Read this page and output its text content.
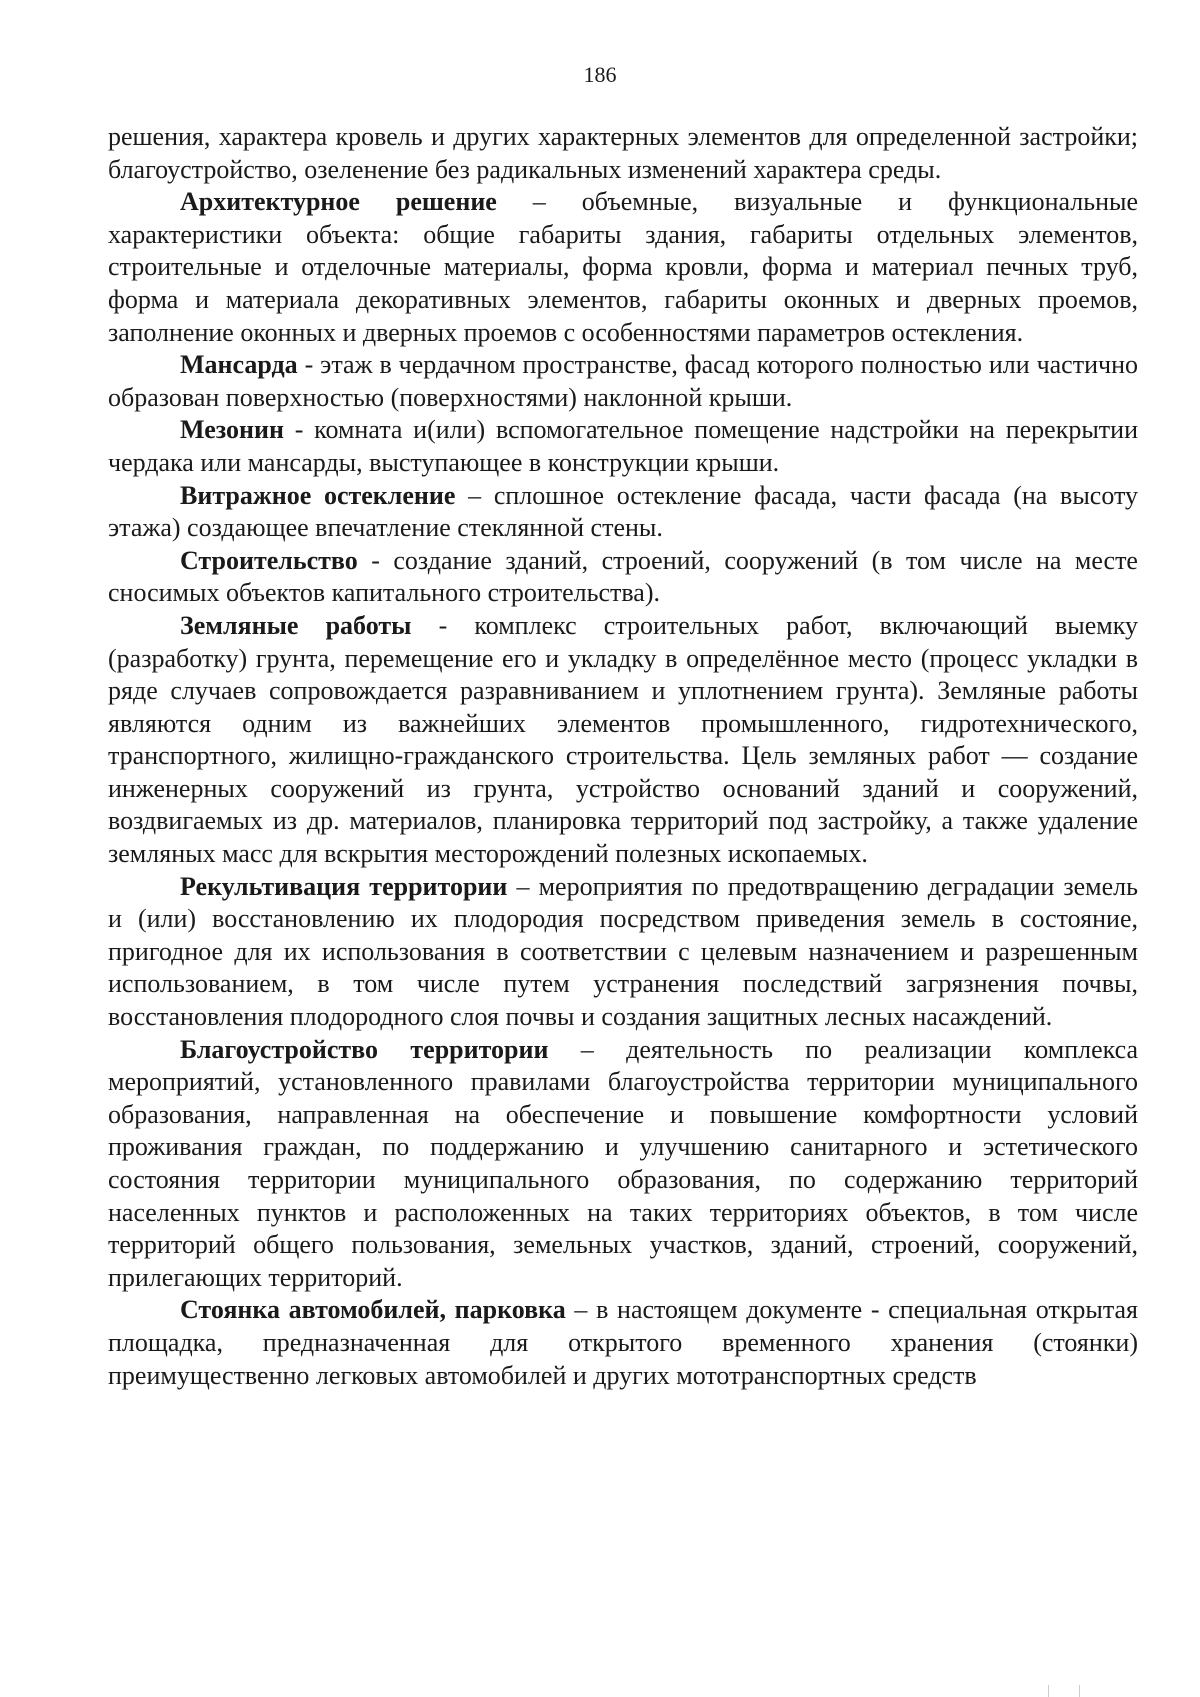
186

решения, характера кровель и других характерных элементов для определенной застройки; благоустройство, озеленение без радикальных изменений характера среды.

Архитектурное решение – объемные, визуальные и функциональные характеристики объекта: общие габариты здания, габариты отдельных элементов, строительные и отделочные материалы, форма кровли, форма и материал печных труб, форма и материала декоративных элементов, габариты оконных и дверных проемов, заполнение оконных и дверных проемов с особенностями параметров остекления.

Мансарда - этаж в чердачном пространстве, фасад которого полностью или частично образован поверхностью (поверхностями) наклонной крыши.

Мезонин - комната и(или) вспомогательное помещение надстройки на перекрытии чердака или мансарды, выступающее в конструкции крыши.

Витражное остекление – сплошное остекление фасада, части фасада (на высоту этажа) создающее впечатление стеклянной стены.

Строительство - создание зданий, строений, сооружений (в том числе на месте сносимых объектов капитального строительства).

Земляные работы - комплекс строительных работ, включающий выемку (разработку) грунта, перемещение его и укладку в определённое место (процесс укладки в ряде случаев сопровождается разравниванием и уплотнением грунта). Земляные работы являются одним из важнейших элементов промышленного, гидротехнического, транспортного, жилищно-гражданского строительства. Цель земляных работ — создание инженерных сооружений из грунта, устройство оснований зданий и сооружений, воздвигаемых из др. материалов, планировка территорий под застройку, а также удаление земляных масс для вскрытия месторождений полезных ископаемых.

Рекультивация территории – мероприятия по предотвращению деградации земель и (или) восстановлению их плодородия посредством приведения земель в состояние, пригодное для их использования в соответствии с целевым назначением и разрешенным использованием, в том числе путем устранения последствий загрязнения почвы, восстановления плодородного слоя почвы и создания защитных лесных насаждений.

Благоустройство территории – деятельность по реализации комплекса мероприятий, установленного правилами благоустройства территории муниципального образования, направленная на обеспечение и повышение комфортности условий проживания граждан, по поддержанию и улучшению санитарного и эстетического состояния территории муниципального образования, по содержанию территорий населенных пунктов и расположенных на таких территориях объектов, в том числе территорий общего пользования, земельных участков, зданий, строений, сооружений, прилегающих территорий.

Стоянка автомобилей, парковка – в настоящем документе - специальная открытая площадка, предназначенная для открытого временного хранения (стоянки) преимущественно легковых автомобилей и других мототранспортных средств
